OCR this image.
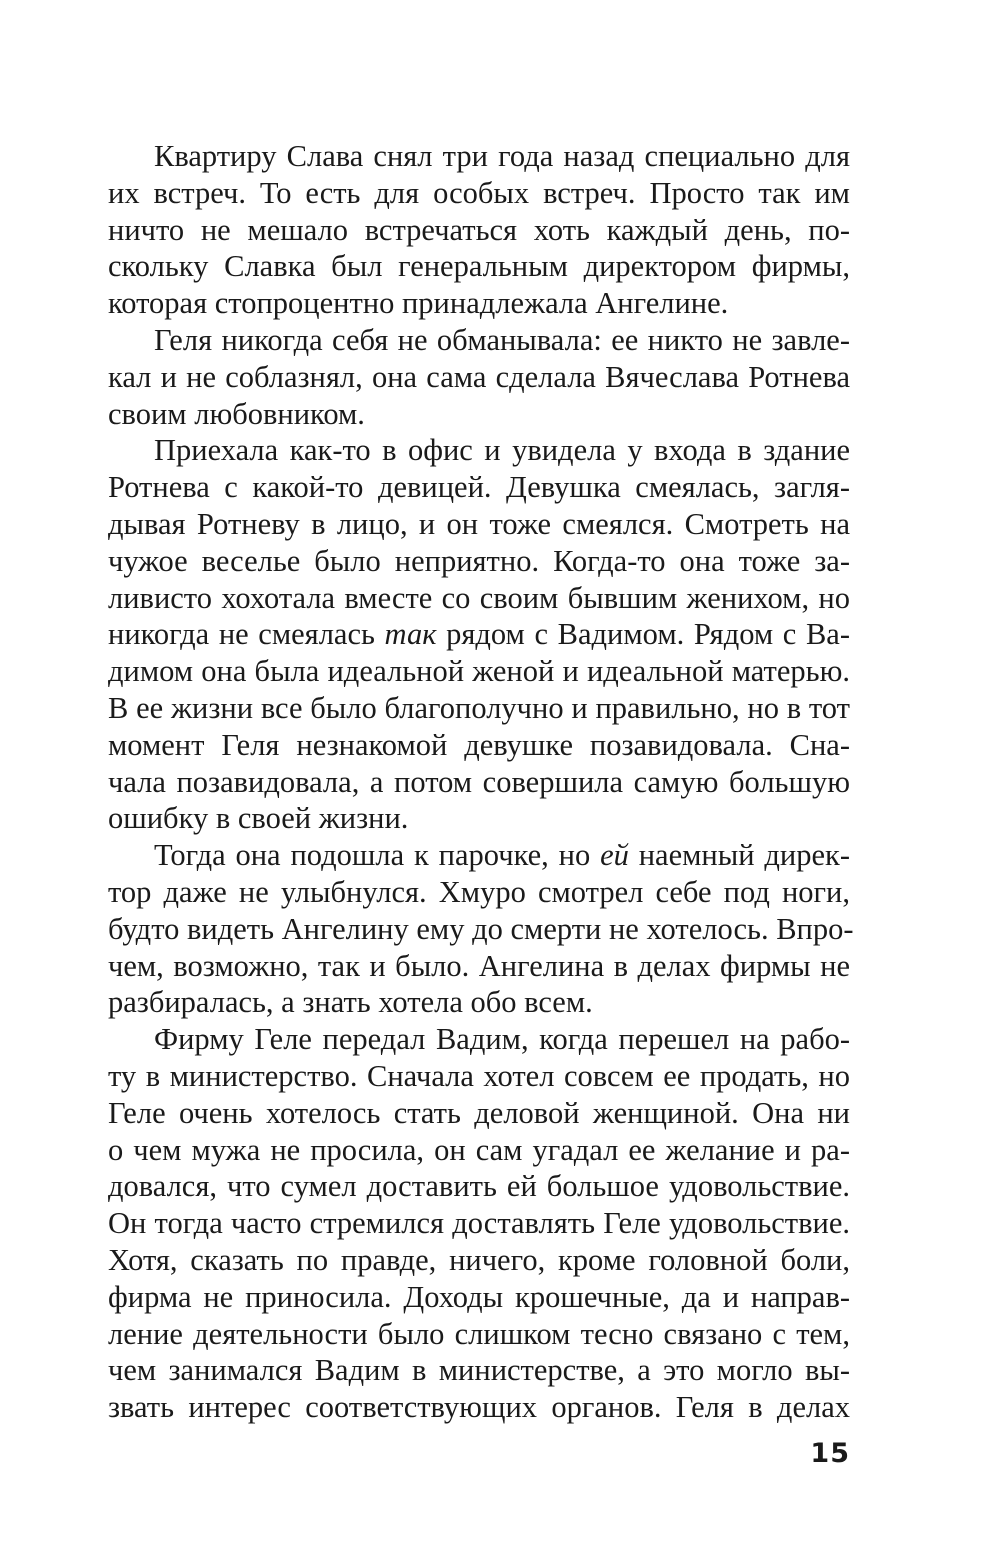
Квартиру Слава снял три года назад специально для
их встреч. То есть для особых встреч. Просто так им
ничто не мешало встречаться хоть каждый день, по-
скольку Славка был генеральным директором фирмы,
которая стопроцентно принадлежала Ангелине.
Геля никогда себя не обманывала: ее никто не завле-
кал и не соблазнял, она сама сделала Вячеслава Ротнева
своим любовником.
Приехала как-то в офис и увидела у входа в здание
Ротнева с какой-то девицей. Девушка смеялась, загля-
дывая Ротневу в лицо, и он тоже смеялся. Смотреть на
чужое веселье было неприятно. Когда-то она тоже за-
ливисто хохотала вместе со своим бывшим женихом, но
никогда не смеялась так рядом с Вадимом. Рядом с Ва-
димом она была идеальной женой и идеальной матерью.
В ее жизни все было благополучно и правильно, но в тот
момент Геля незнакомой девушке позавидовала. Сна-
чала позавидовала, а потом совершила самую большую
ошибку в своей жизни.
Тогда она подошла к парочке, но ей наемный дирек-
тор даже не улыбнулся. Хмуро смотрел себе под ноги,
будто видеть Ангелину ему до смерти не хотелось. Впро-
чем, возможно, так и было. Ангелина в делах фирмы не
разбиралась, а знать хотела обо всем.
Фирму Геле передал Вадим, когда перешел на рабо-
ту в министерство. Сначала хотел совсем ее продать, но
Геле очень хотелось стать деловой женщиной. Она ни
о чем мужа не просила, он сам угадал ее желание и ра-
довался, что сумел доставить ей большое удовольствие.
Он тогда часто стремился доставлять Геле удовольствие.
Хотя, сказать по правде, ничего, кроме головной боли,
фирма не приносила. Доходы крошечные, да и направ-
ление деятельности было слишком тесно связано с тем,
чем занимался Вадим в министерстве, а это могло вы-
звать интерес соответствующих органов. Геля в делах
15
